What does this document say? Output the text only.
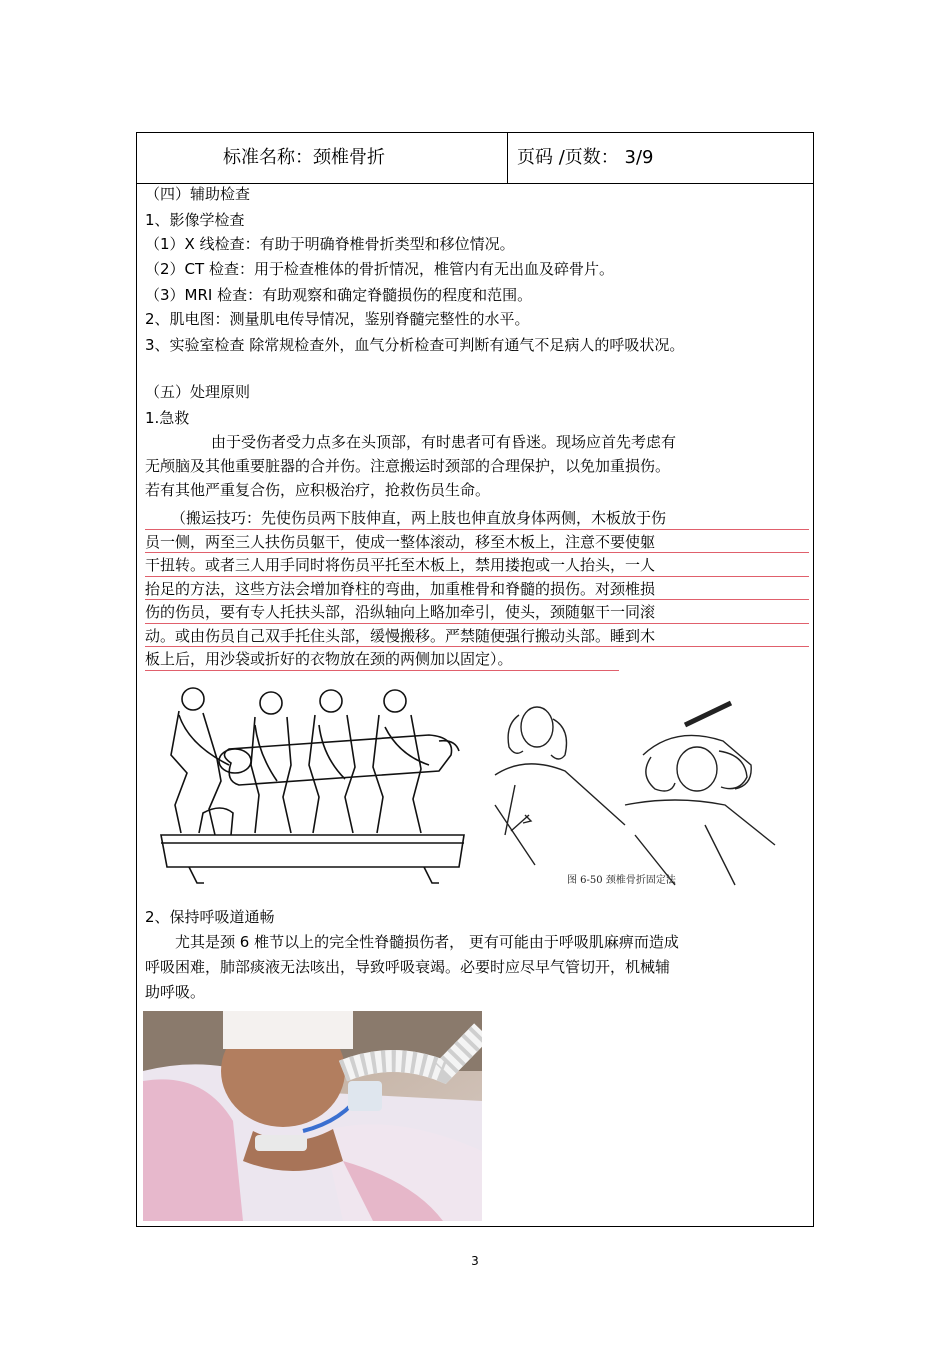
标准名称：颈椎骨折	页码 /页数： 3/9
（四）辅助检查
1、影像学检查
（1）X 线检查：有助于明确脊椎骨折类型和移位情况。
（2）CT 检查：用于检查椎体的骨折情况，椎管内有无出血及碎骨片。
（3）MRI 检查：有助观察和确定脊髓损伤的程度和范围。
2、肌电图：测量肌电传导情况，鉴别脊髓完整性的水平。
3、实验室检查 除常规检查外，血气分析检查可判断有通气不足病人的呼吸状况。
（五）处理原则
1.急救
由于受伤者受力点多在头顶部，有时患者可有昏迷。现场应首先考虑有
无颅脑及其他重要脏器的合并伤。注意搬运时颈部的合理保护，以免加重损伤。
若有其他严重复合伤，应积极治疗，抢救伤员生命。
（搬运技巧：先使伤员两下肢伸直，两上肢也伸直放身体两侧，木板放于伤
员一侧，两至三人扶伤员躯干，使成一整体滚动，移至木板上，注意不要使躯
干扭转。或者三人用手同时将伤员平托至木板上，禁用搂抱或一人抬头，一人
抬足的方法，这些方法会增加脊柱的弯曲，加重椎骨和脊髓的损伤。对颈椎损
伤的伤员，要有专人托扶头部，沿纵轴向上略加牵引，使头，颈随躯干一同滚
动。或由伤员自己双手托住头部，缓慢搬移。严禁随便强行搬动头部。睡到木
板上后，用沙袋或折好的衣物放在颈的两侧加以固定）。
图 6-50 颈椎骨折固定法
2、保持呼吸道通畅
尤其是颈 6 椎节以上的完全性脊髓损伤者， 更有可能由于呼吸肌麻痹而造成
呼吸困难，肺部痰液无法咳出，导致呼吸衰竭。必要时应尽早气管切开，机械辅
助呼吸。
3
